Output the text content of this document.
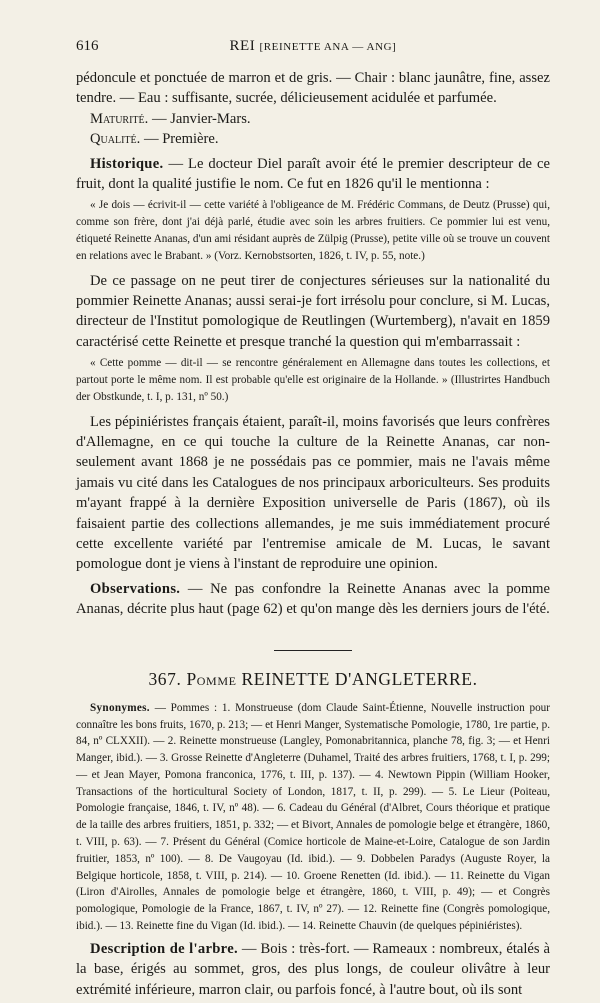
616	REI [REINETTE ANA — ANG]

pédoncule et ponctuée de marron et de gris. — Chair : blanc jaunâtre, fine, assez tendre. — Eau : suffisante, sucrée, délicieusement acidulée et parfumée.

Maturité. — Janvier-Mars.

Qualité. — Première.

Historique. — Le docteur Diel paraît avoir été le premier descripteur de ce fruit, dont la qualité justifie le nom. Ce fut en 1826 qu'il le mentionna :

« Je dois — écrivit-il — cette variété à l'obligeance de M. Frédéric Commans, de Deutz (Prusse) qui, comme son frère, dont j'ai déjà parlé, étudie avec soin les arbres fruitiers. Ce pommier lui est venu, étiqueté Reinette Ananas, d'un ami résidant auprès de Zülpig (Prusse), petite ville où se trouve un couvent en relations avec le Brabant. » (Vorz. Kernobstsorten, 1826, t. IV, p. 55, note.)

De ce passage on ne peut tirer de conjectures sérieuses sur la nationalité du pommier Reinette Ananas; aussi serai-je fort irrésolu pour conclure, si M. Lucas, directeur de l'Institut pomologique de Reutlingen (Wurtemberg), n'avait en 1859 caractérisé cette Reinette et presque tranché la question qui m'embarrassait :

« Cette pomme — dit-il — se rencontre généralement en Allemagne dans toutes les collections, et partout porte le même nom. Il est probable qu'elle est originaire de la Hollande. » (Illustrirtes Handbuch der Obstkunde, t. I, p. 131, nº 50.)

Les pépiniéristes français étaient, paraît-il, moins favorisés que leurs confrères d'Allemagne, en ce qui touche la culture de la Reinette Ananas, car non-seulement avant 1868 je ne possédais pas ce pommier, mais ne l'avais même jamais vu cité dans les Catalogues de nos principaux arboriculteurs. Ses produits m'ayant frappé à la dernière Exposition universelle de Paris (1867), où ils faisaient partie des collections allemandes, je me suis immédiatement procuré cette excellente variété par l'entremise amicale de M. Lucas, le savant pomologue dont je viens à l'instant de reproduire une opinion.

Observations. — Ne pas confondre la Reinette Ananas avec la pomme Ananas, décrite plus haut (page 62) et qu'on mange dès les derniers jours de l'été.

367. Pomme REINETTE D'ANGLETERRE.

Synonymes. — Pommes : 1. Monstrueuse (dom Claude Saint-Étienne, Nouvelle instruction pour connaître les bons fruits, 1670, p. 213; — et Henri Manger, Systematische Pomologie, 1780, 1re partie, p. 84, nº CLXXII). — 2. Reinette monstrueuse (Langley, Pomonabritannica, planche 78, fig. 3; — et Henri Manger, ibid.). — 3. Grosse Reinette d'Angleterre (Duhamel, Traité des arbres fruitiers, 1768, t. I, p. 299; — et Jean Mayer, Pomona franconica, 1776, t. III, p. 137). — 4. Newtown Pippin (William Hooker, Transactions of the horticultural Society of London, 1817, t. II, p. 299). — 5. Le Lieur (Poiteau, Pomologie française, 1846, t. IV, nº 48). — 6. Cadeau du Général (d'Albret, Cours théorique et pratique de la taille des arbres fruitiers, 1851, p. 332; — et Bivort, Annales de pomologie belge et étrangère, 1860, t. VIII, p. 63). — 7. Présent du Général (Comice horticole de Maine-et-Loire, Catalogue de son Jardin fruitier, 1853, nº 100). — 8. De Vaugoyau (Id. ibid.). — 9. Dobbelen Paradys (Auguste Royer, la Belgique horticole, 1858, t. VIII, p. 214). — 10. Groene Renetten (Id. ibid.). — 11. Reinette du Vigan (Liron d'Airolles, Annales de pomologie belge et étrangère, 1860, t. VIII, p. 49); — et Congrès pomologique, Pomologie de la France, 1867, t. IV, nº 27). — 12. Reinette fine (Congrès pomologique, ibid.). — 13. Reinette fine du Vigan (Id. ibid.). — 14. Reinette Chauvin (de quelques pépiniéristes).

Description de l'arbre. — Bois : très-fort. — Rameaux : nombreux, étalés à la base, érigés au sommet, gros, des plus longs, de couleur olivâtre à leur extrémité inférieure, marron clair, ou parfois foncé, à l'autre bout, où ils sont
